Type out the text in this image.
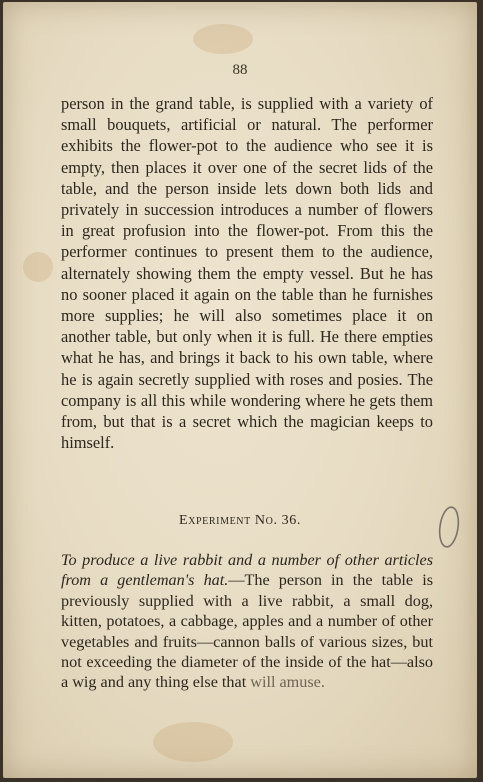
88
person in the grand table, is supplied with a variety of small bouquets, artificial or natural. The performer exhibits the flower-pot to the audience who see it is empty, then places it over one of the secret lids of the table, and the person inside lets down both lids and privately in succession introduces a number of flowers in great profusion into the flower-pot. From this the performer continues to present them to the audience, alternately showing them the empty vessel. But he has no sooner placed it again on the table than he furnishes more supplies; he will also sometimes place it on another table, but only when it is full. He there empties what he has, and brings it back to his own table, where he is again secretly supplied with roses and posies. The company is all this while wondering where he gets them from, but that is a secret which the magician keeps to himself.
Experiment No. 36.
To produce a live rabbit and a number of other articles from a gentleman's hat.—The person in the table is previously supplied with a live rabbit, a small dog, kitten, potatoes, a cabbage, apples and a number of other vegetables and fruits—cannon balls of various sizes, but not exceeding the diameter of the inside of the hat—also a wig and any thing else that will amuse.
